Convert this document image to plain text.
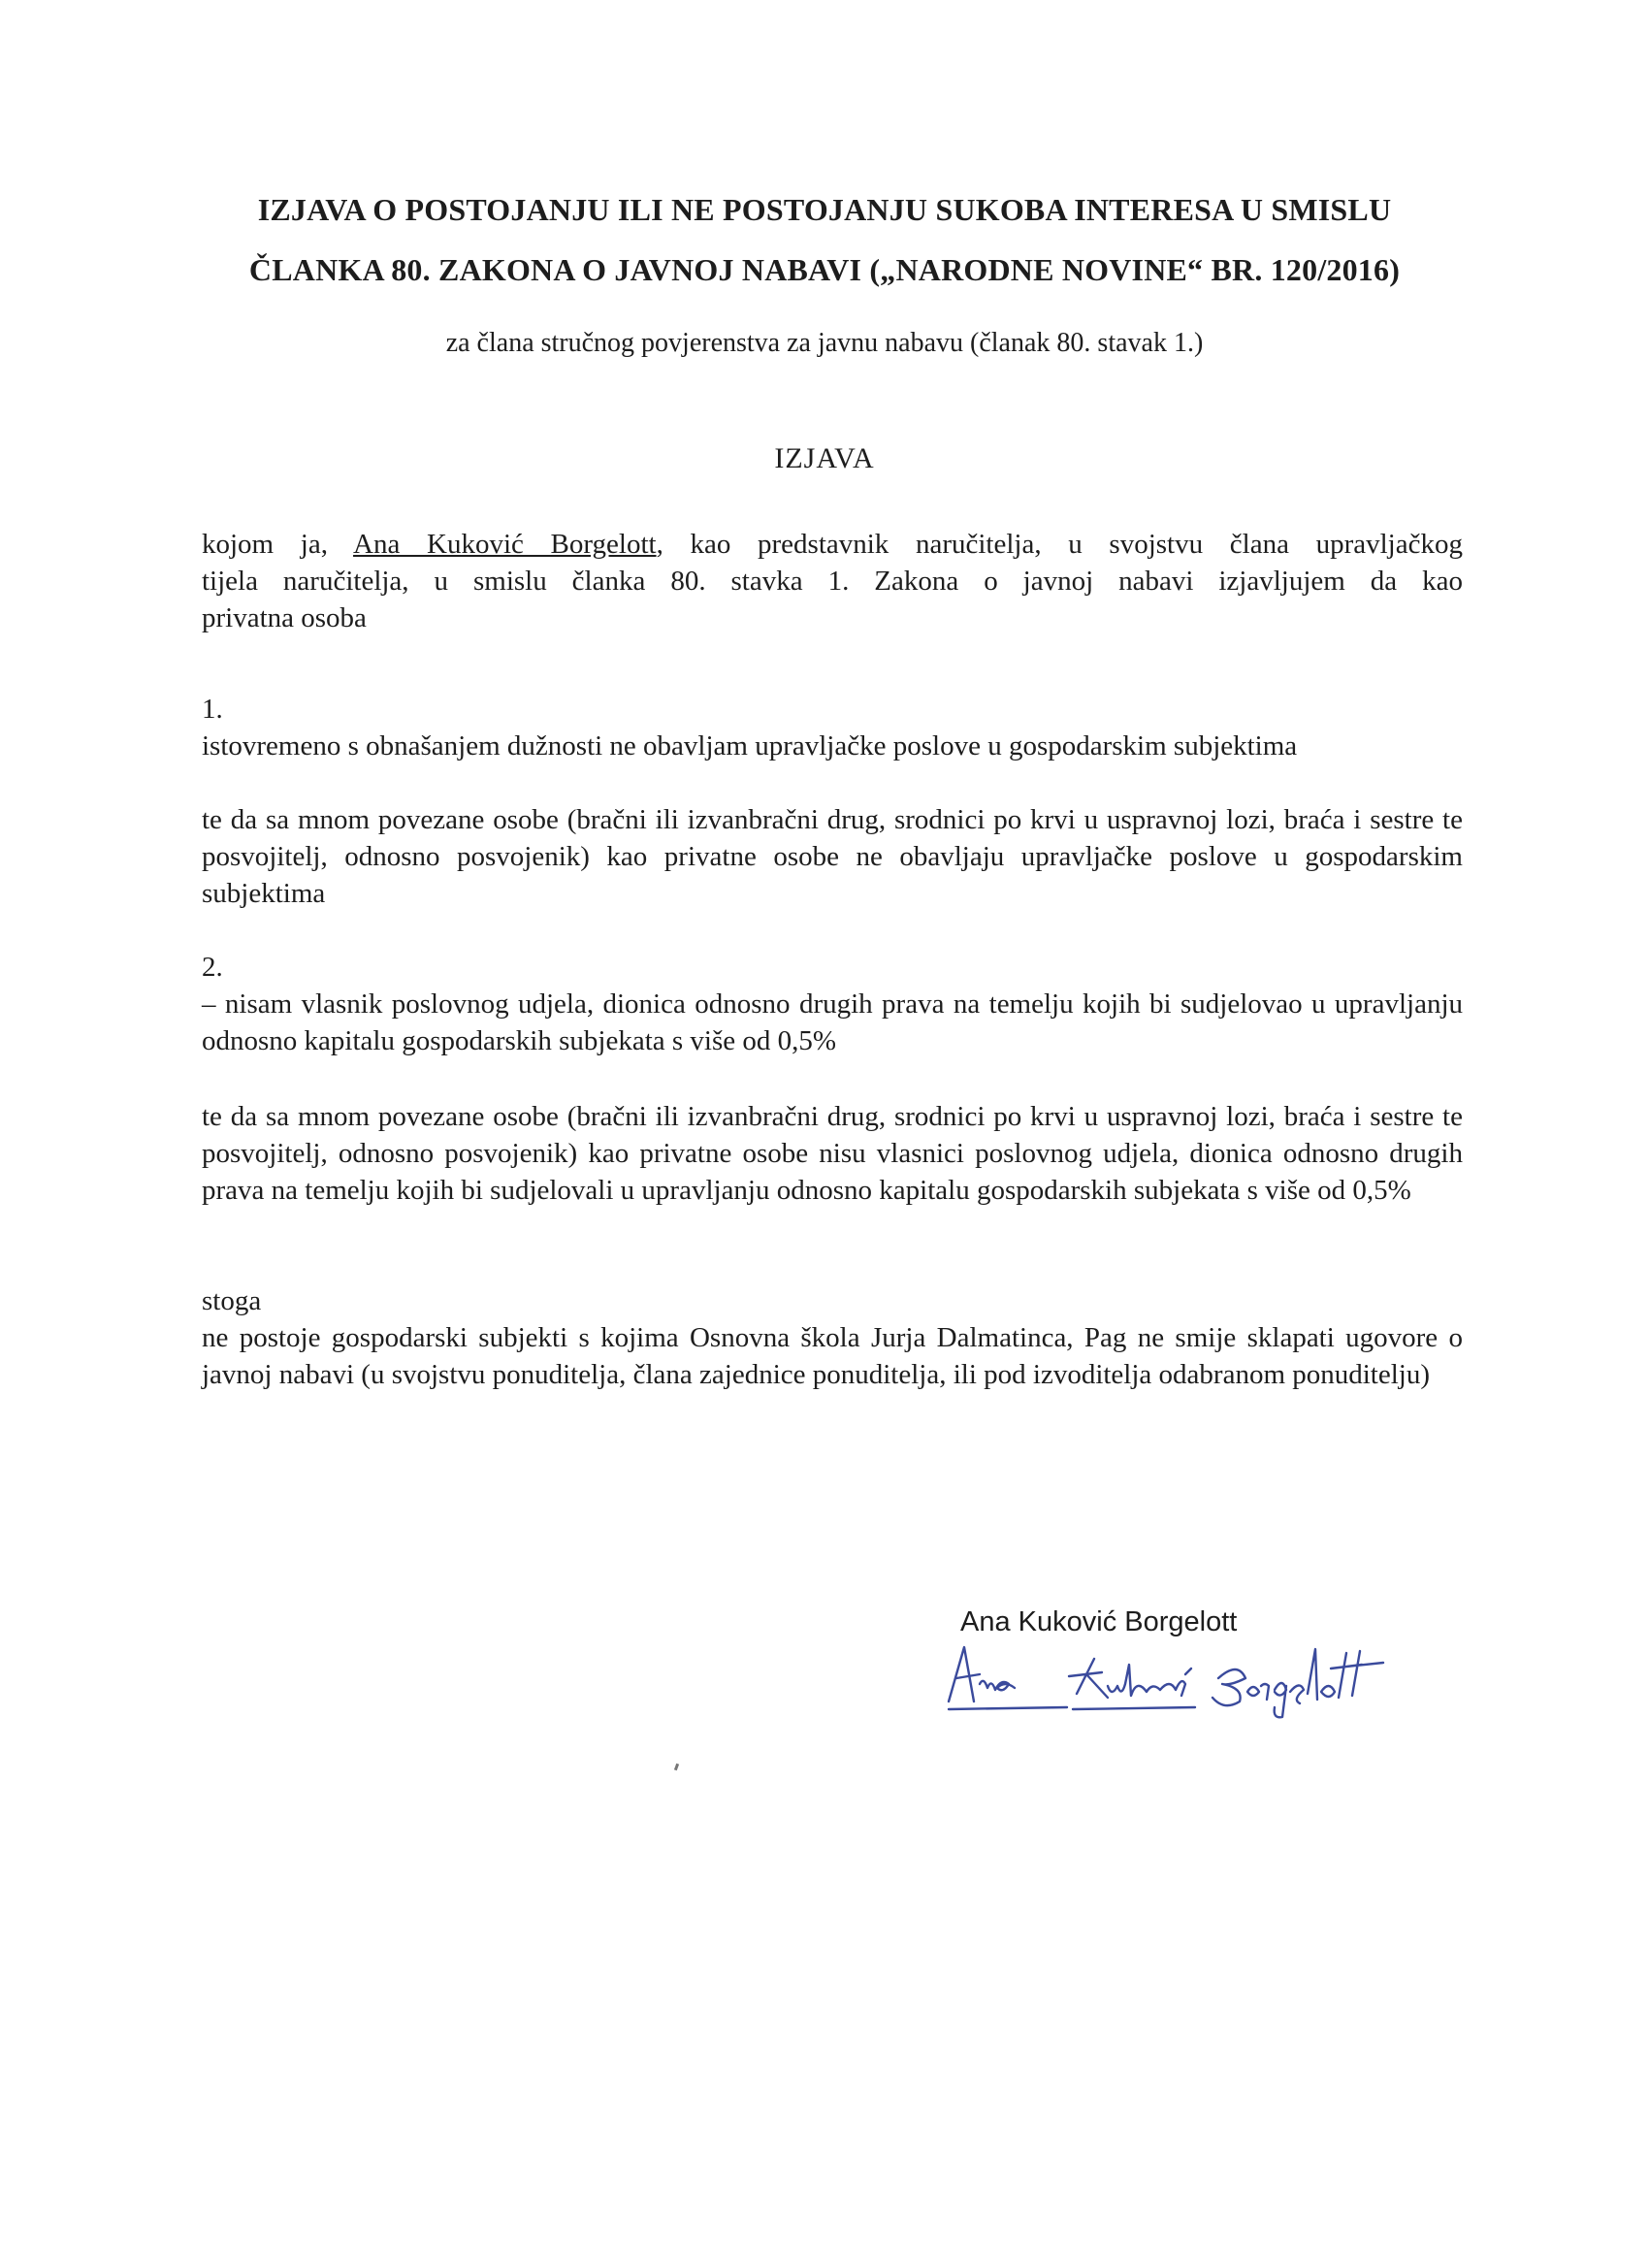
IZJAVA O POSTOJANJU ILI NE POSTOJANJU SUKOBA INTERESA U SMISLU
ČLANKA 80. ZAKONA O JAVNOJ NABAVI („NARODNE NOVINE“ BR. 120/2016)
za člana stručnog povjerenstva za javnu nabavu (članak 80. stavak 1.)
IZJAVA
kojom ja, Ana Kuković Borgelott, kao predstavnik naručitelja, u svojstvu člana upravljačkog
tijela naručitelja, u smislu članka 80. stavka 1. Zakona o javnoj nabavi izjavljujem da kao
privatna osoba
1.
istovremeno s obnašanjem dužnosti ne obavljam upravljačke poslove u gospodarskim subjektima
te da sa mnom povezane osobe (bračni ili izvanbračni drug, srodnici po krvi u uspravnoj lozi, braća i sestre te posvojitelj, odnosno posvojenik) kao privatne osobe ne obavljaju upravljačke poslove u gospodarskim subjektima
2.
– nisam vlasnik poslovnog udjela, dionica odnosno drugih prava na temelju kojih bi sudjelovao u upravljanju odnosno kapitalu gospodarskih subjekata s više od 0,5%
te da sa mnom povezane osobe (bračni ili izvanbračni drug, srodnici po krvi u uspravnoj lozi, braća i sestre te posvojitelj, odnosno posvojenik) kao privatne osobe nisu vlasnici poslovnog udjela, dionica odnosno drugih prava na temelju kojih bi sudjelovali u upravljanju odnosno kapitalu gospodarskih subjekata s više od 0,5%
stoga
ne postoje gospodarski subjekti s kojima Osnovna škola Jurja Dalmatinca, Pag ne smije sklapati ugovore o javnoj nabavi (u svojstvu ponuditelja, člana zajednice ponuditelja, ili pod izvoditelja odabranom ponuditelju)
Ana Kuković Borgelott
